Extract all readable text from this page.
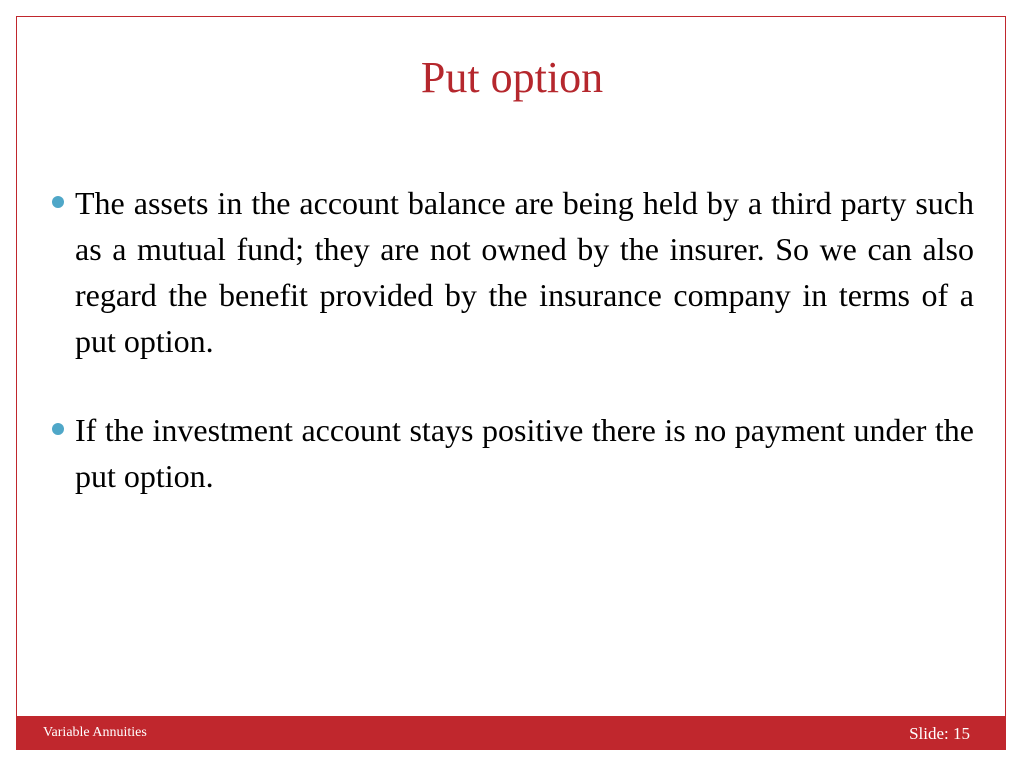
Put option
The assets in the account balance are being held by a third party such as a mutual fund; they are not owned by the insurer. So we can also regard the benefit provided by the insurance company in terms of a put option.
If the investment account stays positive there is no payment under the put option.
Variable Annuities	Slide: 15
